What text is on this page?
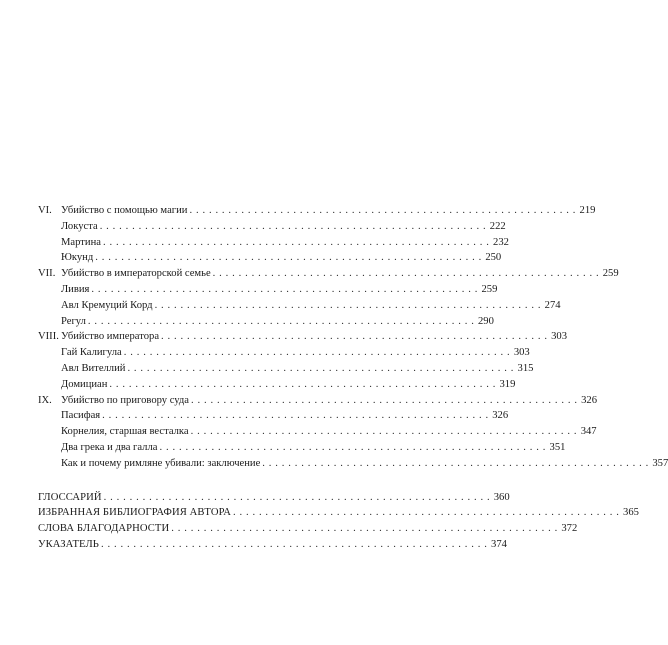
VI. Убийство с помощью магии . . .	219
Локуста . . .	222
Мартина . . .	232
Юкунд . . .	250
VII. Убийство в императорской семье . . .	259
Ливия . . .	259
Авл Кремуций Корд . . .	274
Регул . . .	290
VIII. Убийство императора . . .	303
Гай Калигула . . .	303
Авл Вителлий . . .	315
Домициан . . .	319
IX. Убийство по приговору суда . . .	326
Пасифая . . .	326
Корнелия, старшая весталка . . .	347
Два грека и два галла . . .	351
Как и почему римляне убивали: заключение . . .	357
ГЛОССАРИЙ . . .	360
ИЗБРАННАЯ БИБЛИОГРАФИЯ АВТОРА . . .	365
СЛОВА БЛАГОДАРНОСТИ . . .	372
УКАЗАТЕЛЬ . . .	374
